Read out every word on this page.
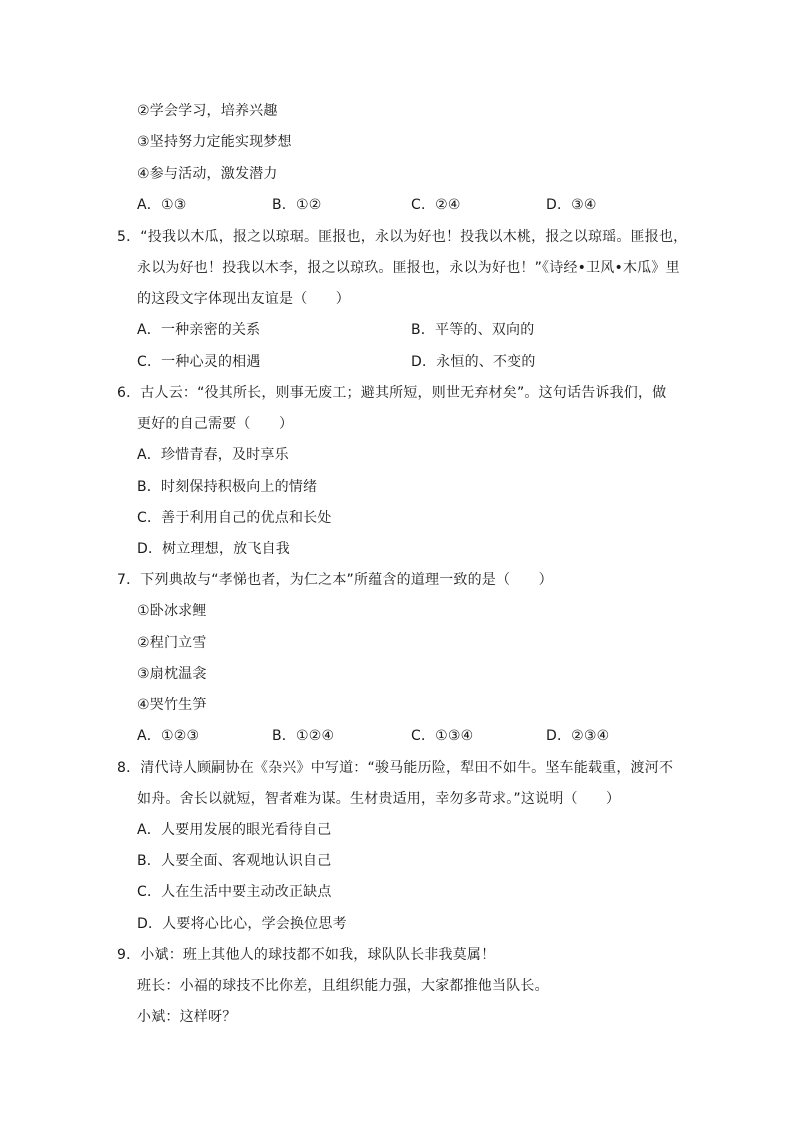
②学会学习，培养兴趣
③坚持努力定能实现梦想
④参与活动，激发潜力
A．①③	B．①②	C．②④	D．③④
5．“投我以木瓜，报之以琼琚。匪报也，永以为好也！投我以木桃，报之以琼瑶。匪报也，
永以为好也！投我以木李，报之以琼玖。匪报也，永以为好也！”《诗经•卫风•木瓜》里
的这段文字体现出友谊是（　　）
A．一种亲密的关系	B．平等的、双向的
C．一种心灵的相遇	D．永恒的、不变的
6．古人云：“役其所长，则事无废工；避其所短，则世无弃材矣”。这句话告诉我们，做
更好的自己需要（　　）
A．珍惜青春，及时享乐
B．时刻保持积极向上的情绪
C．善于利用自己的优点和长处
D．树立理想，放飞自我
7．下列典故与“孝悌也者，为仁之本”所蕴含的道理一致的是（　　）
①卧冰求鲤
②程门立雪
③扇枕温衾
④哭竹生笋
A．①②③	B．①②④	C．①③④	D．②③④
8．清代诗人顾嗣协在《杂兴》中写道：“骏马能历险，犁田不如牛。坚车能载重，渡河不
如舟。舍长以就短，智者难为谋。生材贵适用，幸勿多苛求。”这说明（　　）
A．人要用发展的眼光看待自己
B．人要全面、客观地认识自己
C．人在生活中要主动改正缺点
D．人要将心比心，学会换位思考
9．小斌：班上其他人的球技都不如我，球队队长非我莫属！
班长：小福的球技不比你差，且组织能力强，大家都推他当队长。
小斌：这样呀？
